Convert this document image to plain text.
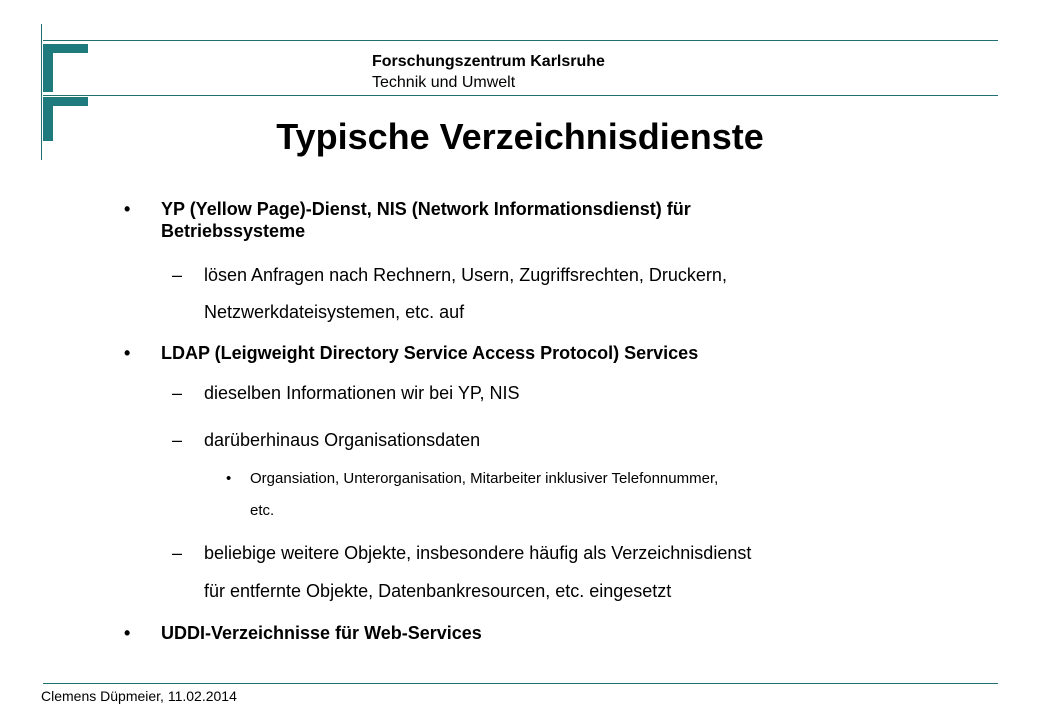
Forschungszentrum Karlsruhe
Technik und Umwelt
Typische Verzeichnisdienste
• YP (Yellow Page)-Dienst, NIS (Network Informationsdienst) für
Betriebssysteme
– lösen Anfragen nach Rechnern, Usern, Zugriffsrechten, Druckern,
Netzwerkdateisystemen, etc. auf
• LDAP (Leigweight Directory Service Access Protocol) Services
– dieselben Informationen wir bei YP, NIS
– darüberhinaus Organisationsdaten
• Organsiation, Unterorganisation, Mitarbeiter inklusiver Telefonnummer,
etc.
– beliebige weitere Objekte, insbesondere häufig als Verzeichnisdienst
für entfernte Objekte, Datenbankresourcen, etc. eingesetzt
• UDDI-Verzeichnisse für Web-Services
Clemens Düpmeier, 11.02.2014
